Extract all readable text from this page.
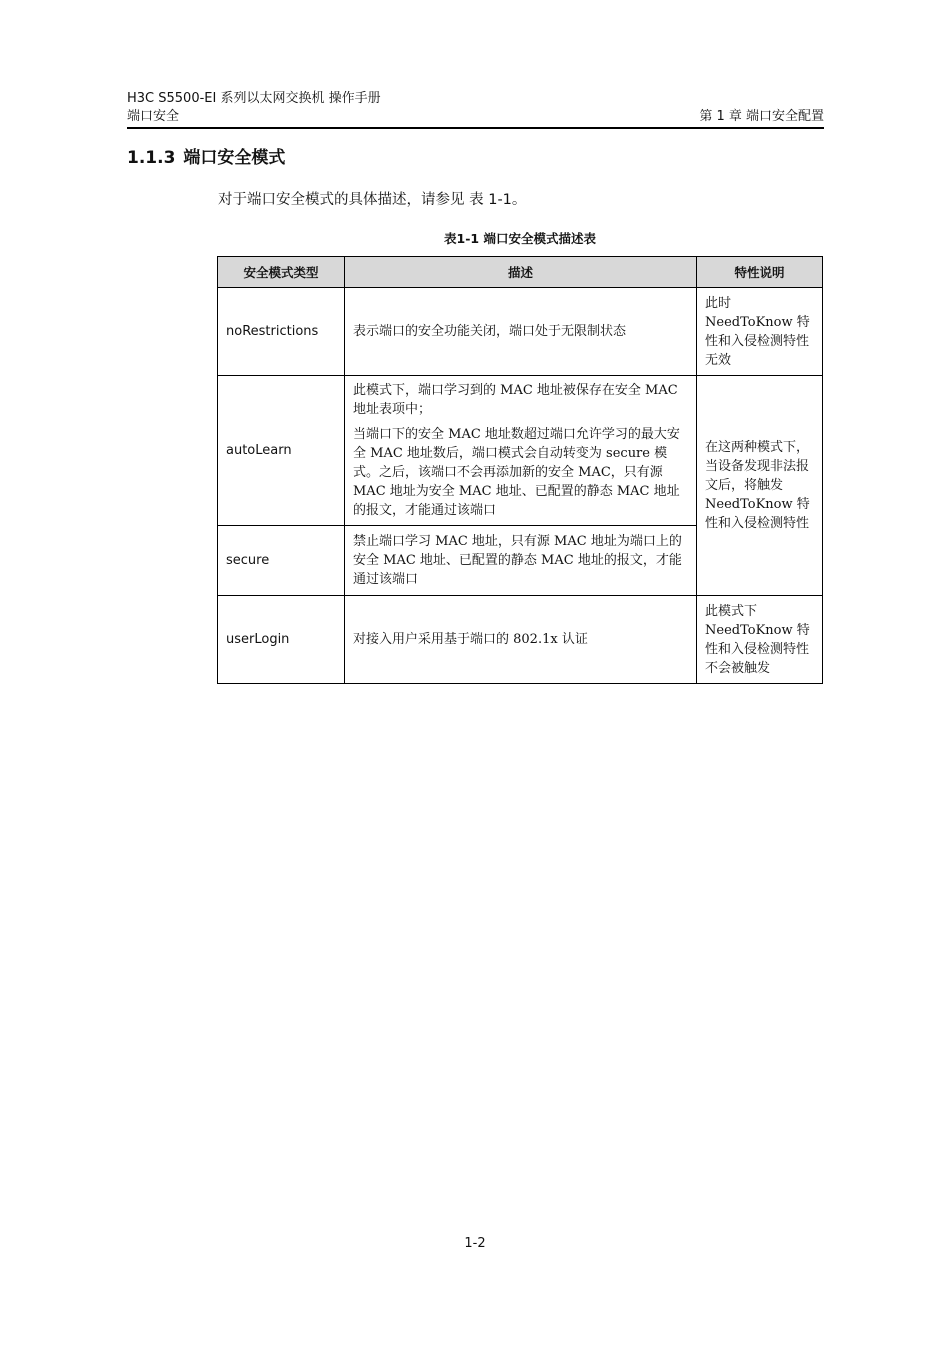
H3C S5500-EI 系列以太网交换机 操作手册
端口安全	第 1 章 端口安全配置
1.1.3 端口安全模式
对于端口安全模式的具体描述，请参见 表 1-1。
表1-1 端口安全模式描述表
安全模式类型	描述	特性说明
noRestrictions	表示端口的安全功能关闭，端口处于无限制状态	此时 NeedToKnow 特性和入侵检测特性无效
autoLearn	此模式下，端口学习到的 MAC 地址被保存在安全 MAC 地址表项中；

当端口下的安全 MAC 地址数超过端口允许学习的最大安全 MAC 地址数后，端口模式会自动转变为 secure 模式。之后，该端口不会再添加新的安全 MAC，只有源 MAC 地址为安全 MAC 地址、已配置的静态 MAC 地址的报文，才能通过该端口	在这两种模式下，当设备发现非法报文后，将触发 NeedToKnow 特性和入侵检测特性
secure	禁止端口学习 MAC 地址，只有源 MAC 地址为端口上的安全 MAC 地址、已配置的静态 MAC 地址的报文，才能通过该端口	
userLogin	对接入用户采用基于端口的 802.1x 认证	此模式下 NeedToKnow 特性和入侵检测特性不会被触发
1-2
